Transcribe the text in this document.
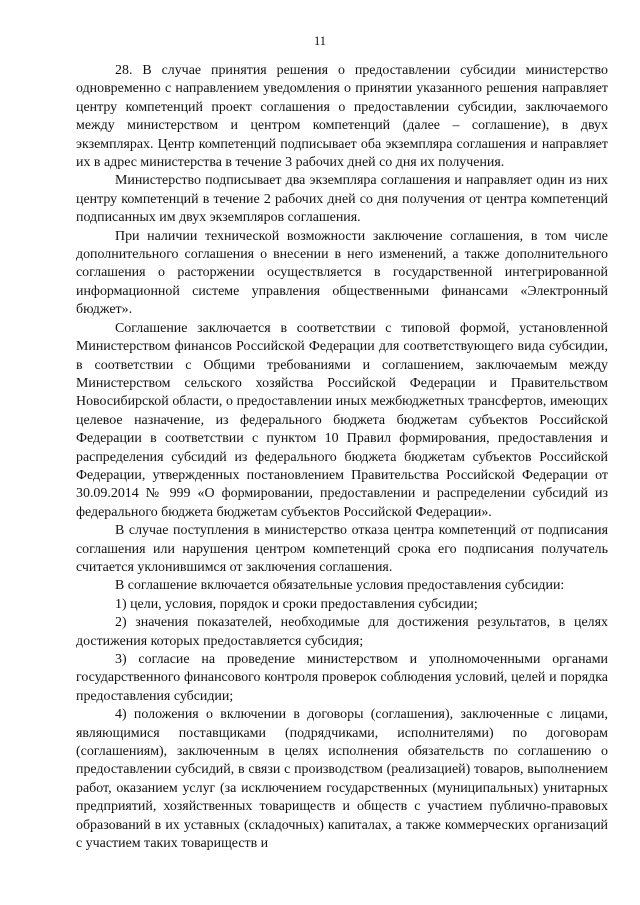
11

28. В случае принятия решения о предоставлении субсидии министерство одновременно с направлением уведомления о принятии указанного решения направляет центру компетенций проект соглашения о предоставлении субсидии, заключаемого между министерством и центром компетенций (далее – соглашение), в двух экземплярах. Центр компетенций подписывает оба экземпляра соглашения и направляет их в адрес министерства в течение 3 рабочих дней со дня их получения.

Министерство подписывает два экземпляра соглашения и направляет один из них центру компетенций в течение 2 рабочих дней со дня получения от центра компетенций подписанных им двух экземпляров соглашения.

При наличии технической возможности заключение соглашения, в том числе дополнительного соглашения о внесении в него изменений, а также дополнительного соглашения о расторжении осуществляется в государственной интегрированной информационной системе управления общественными финансами «Электронный бюджет».

Соглашение заключается в соответствии с типовой формой, установленной Министерством финансов Российской Федерации для соответствующего вида субсидии, в соответствии с Общими требованиями и соглашением, заключаемым между Министерством сельского хозяйства Российской Федерации и Правительством Новосибирской области, о предоставлении иных межбюджетных трансфертов, имеющих целевое назначение, из федерального бюджета бюджетам субъектов Российской Федерации в соответствии с пунктом 10 Правил формирования, предоставления и распределения субсидий из федерального бюджета бюджетам субъектов Российской Федерации, утвержденных постановлением Правительства Российской Федерации от 30.09.2014 № 999 «О формировании, предоставлении и распределении субсидий из федерального бюджета бюджетам субъектов Российской Федерации».

В случае поступления в министерство отказа центра компетенций от подписания соглашения или нарушения центром компетенций срока его подписания получатель считается уклонившимся от заключения соглашения.

В соглашение включается обязательные условия предоставления субсидии:

1) цели, условия, порядок и сроки предоставления субсидии;

2) значения показателей, необходимые для достижения результатов, в целях достижения которых предоставляется субсидия;

3) согласие на проведение министерством и уполномоченными органами государственного финансового контроля проверок соблюдения условий, целей и порядка предоставления субсидии;

4) положения о включении в договоры (соглашения), заключенные с лицами, являющимися поставщиками (подрядчиками, исполнителями) по договорам (соглашениям), заключенным в целях исполнения обязательств по соглашению о предоставлении субсидий, в связи с производством (реализацией) товаров, выполнением работ, оказанием услуг (за исключением государственных (муниципальных) унитарных предприятий, хозяйственных товариществ и обществ с участием публично-правовых образований в их уставных (складочных) капиталах, а также коммерческих организаций с участием таких товариществ и
